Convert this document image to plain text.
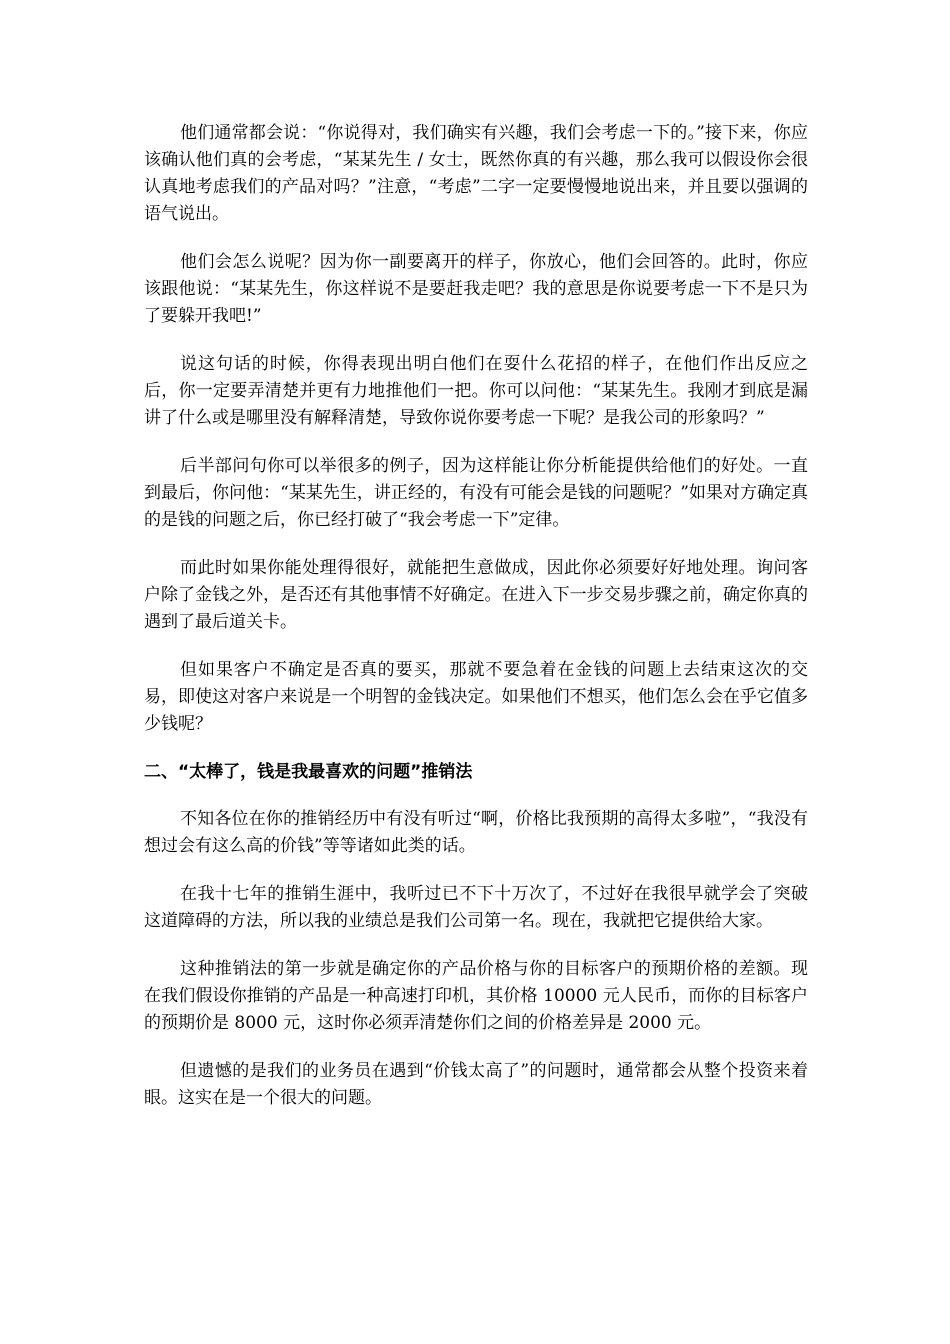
他们通常都会说：“你说得对，我们确实有兴趣，我们会考虑一下的。”接下来，你应该确认他们真的会考虑，“某某先生 / 女士，既然你真的有兴趣，那么我可以假设你会很认真地考虑我们的产品对吗？”注意，“考虑”二字一定要慢慢地说出来，并且要以强调的语气说出。

他们会怎么说呢？因为你一副要离开的样子，你放心，他们会回答的。此时，你应该跟他说：“某某先生，你这样说不是要赶我走吧？我的意思是你说要考虑一下不是只为了要躲开我吧!”

说这句话的时候，你得表现出明白他们在耍什么花招的样子，在他们作出反应之后，你一定要弄清楚并更有力地推他们一把。你可以问他：“某某先生。我刚才到底是漏讲了什么或是哪里没有解释清楚，导致你说你要考虑一下呢？是我公司的形象吗？”

后半部问句你可以举很多的例子，因为这样能让你分析能提供给他们的好处。一直到最后，你问他：“某某先生，讲正经的，有没有可能会是钱的问题呢？”如果对方确定真的是钱的问题之后，你已经打破了“我会考虑一下”定律。

而此时如果你能处理得很好，就能把生意做成，因此你必须要好好地处理。询问客户除了金钱之外，是否还有其他事情不好确定。在进入下一步交易步骤之前，确定你真的遇到了最后道关卡。

但如果客户不确定是否真的要买，那就不要急着在金钱的问题上去结束这次的交易，即使这对客户来说是一个明智的金钱决定。如果他们不想买，他们怎么会在乎它值多少钱呢？

二、“太棒了，钱是我最喜欢的问题”推销法

不知各位在你的推销经历中有没有听过“啊，价格比我预期的高得太多啦”，“我没有想过会有这么高的价钱”等等诸如此类的话。

在我十七年的推销生涯中，我听过已不下十万次了，不过好在我很早就学会了突破这道障碍的方法，所以我的业绩总是我们公司第一名。现在，我就把它提供给大家。

这种推销法的第一步就是确定你的产品价格与你的目标客户的预期价格的差额。现在我们假设你推销的产品是一种高速打印机，其价格 10000 元人民币，而你的目标客户的预期价是 8000 元，这时你必须弄清楚你们之间的价格差异是 2000 元。

但遗憾的是我们的业务员在遇到“价钱太高了”的问题时，通常都会从整个投资来着眼。这实在是一个很大的问题。
